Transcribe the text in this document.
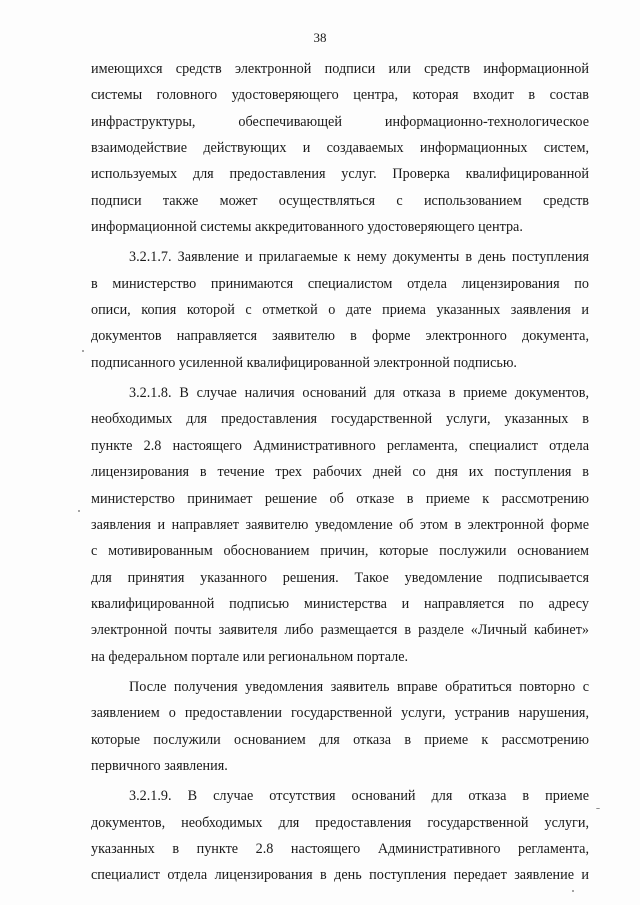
38
имеющихся средств электронной подписи или средств информационной
системы головного удостоверяющего центра, которая входит в состав
инфраструктуры, обеспечивающей информационно-технологическое
взаимодействие действующих и создаваемых информационных систем,
используемых для предоставления услуг. Проверка квалифицированной
подписи также может осуществляться с использованием средств
информационной системы аккредитованного удостоверяющего центра.
3.2.1.7. Заявление и прилагаемые к нему документы в день поступления
в министерство принимаются специалистом отдела лицензирования по
описи, копия которой с отметкой о дате приема указанных заявления и
документов направляется заявителю в форме электронного документа,
подписанного усиленной квалифицированной электронной подписью.
3.2.1.8. В случае наличия оснований для отказа в приеме документов,
необходимых для предоставления государственной услуги, указанных в
пункте 2.8 настоящего Административного регламента, специалист отдела
лицензирования в течение трех рабочих дней со дня их поступления в
министерство принимает решение об отказе в приеме к рассмотрению
заявления и направляет заявителю уведомление об этом в электронной форме
с мотивированным обоснованием причин, которые послужили основанием
для принятия указанного решения. Такое уведомление подписывается
квалифицированной подписью министерства и направляется по адресу
электронной почты заявителя либо размещается в разделе «Личный кабинет»
на федеральном портале или региональном портале.
После получения уведомления заявитель вправе обратиться повторно с
заявлением о предоставлении государственной услуги, устранив нарушения,
которые послужили основанием для отказа в приеме к рассмотрению
первичного заявления.
3.2.1.9. В случае отсутствия оснований для отказа в приеме
документов, необходимых для предоставления государственной услуги,
указанных в пункте 2.8 настоящего Административного регламента,
специалист отдела лицензирования в день поступления передает заявление и
